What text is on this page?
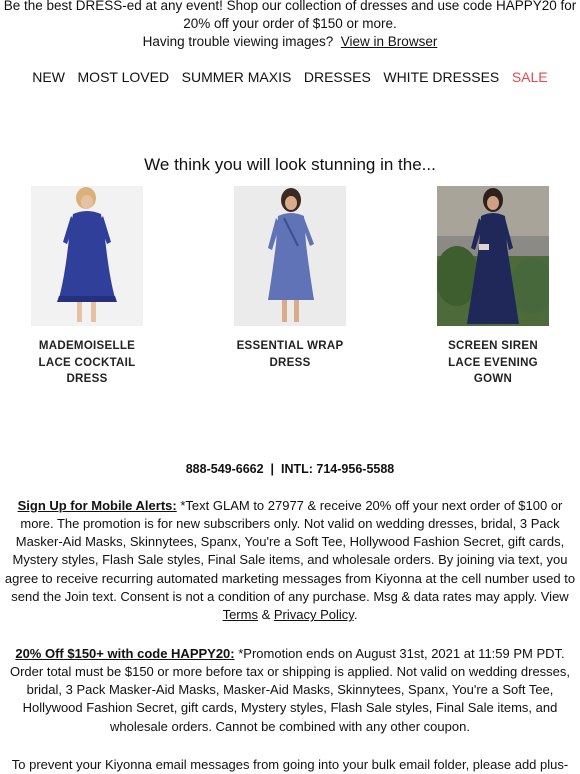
Be the best DRESS-ed at any event! Shop our collection of dresses and use code HAPPY20 for 20% off your order of $150 or more.
Having trouble viewing images? View in Browser
NEW MOST LOVED SUMMER MAXIS DRESSES WHITE DRESSES SALE
We think you will look stunning in the...
MADEMOISELLE LACE COCKTAIL DRESS
ESSENTIAL WRAP DRESS
SCREEN SIREN LACE EVENING GOWN
888-549-6662 | INTL: 714-956-5588
Sign Up for Mobile Alerts: *Text GLAM to 27977 & receive 20% off your next order of $100 or more. The promotion is for new subscribers only. Not valid on wedding dresses, bridal, 3 Pack Masker-Aid Masks, Skinnytees, Spanx, You're a Soft Tee, Hollywood Fashion Secret, gift cards, Mystery styles, Flash Sale styles, Final Sale items, and wholesale orders. By joining via text, you agree to receive recurring automated marketing messages from Kiyonna at the cell number used to send the Join text. Consent is not a condition of any purchase. Msg & data rates may apply. View Terms & Privacy Policy.
20% Off $150+ with code HAPPY20: *Promotion ends on August 31st, 2021 at 11:59 PM PDT. Order total must be $150 or more before tax or shipping is applied. Not valid on wedding dresses, bridal, 3 Pack Masker-Aid Masks, Masker-Aid Masks, Skinnytees, Spanx, You're a Soft Tee, Hollywood Fashion Secret, gift cards, Mystery styles, Flash Sale styles, Final Sale items, and wholesale orders. Cannot be combined with any other coupon.
To prevent your Kiyonna email messages from going into your bulk email folder, please add plus-
